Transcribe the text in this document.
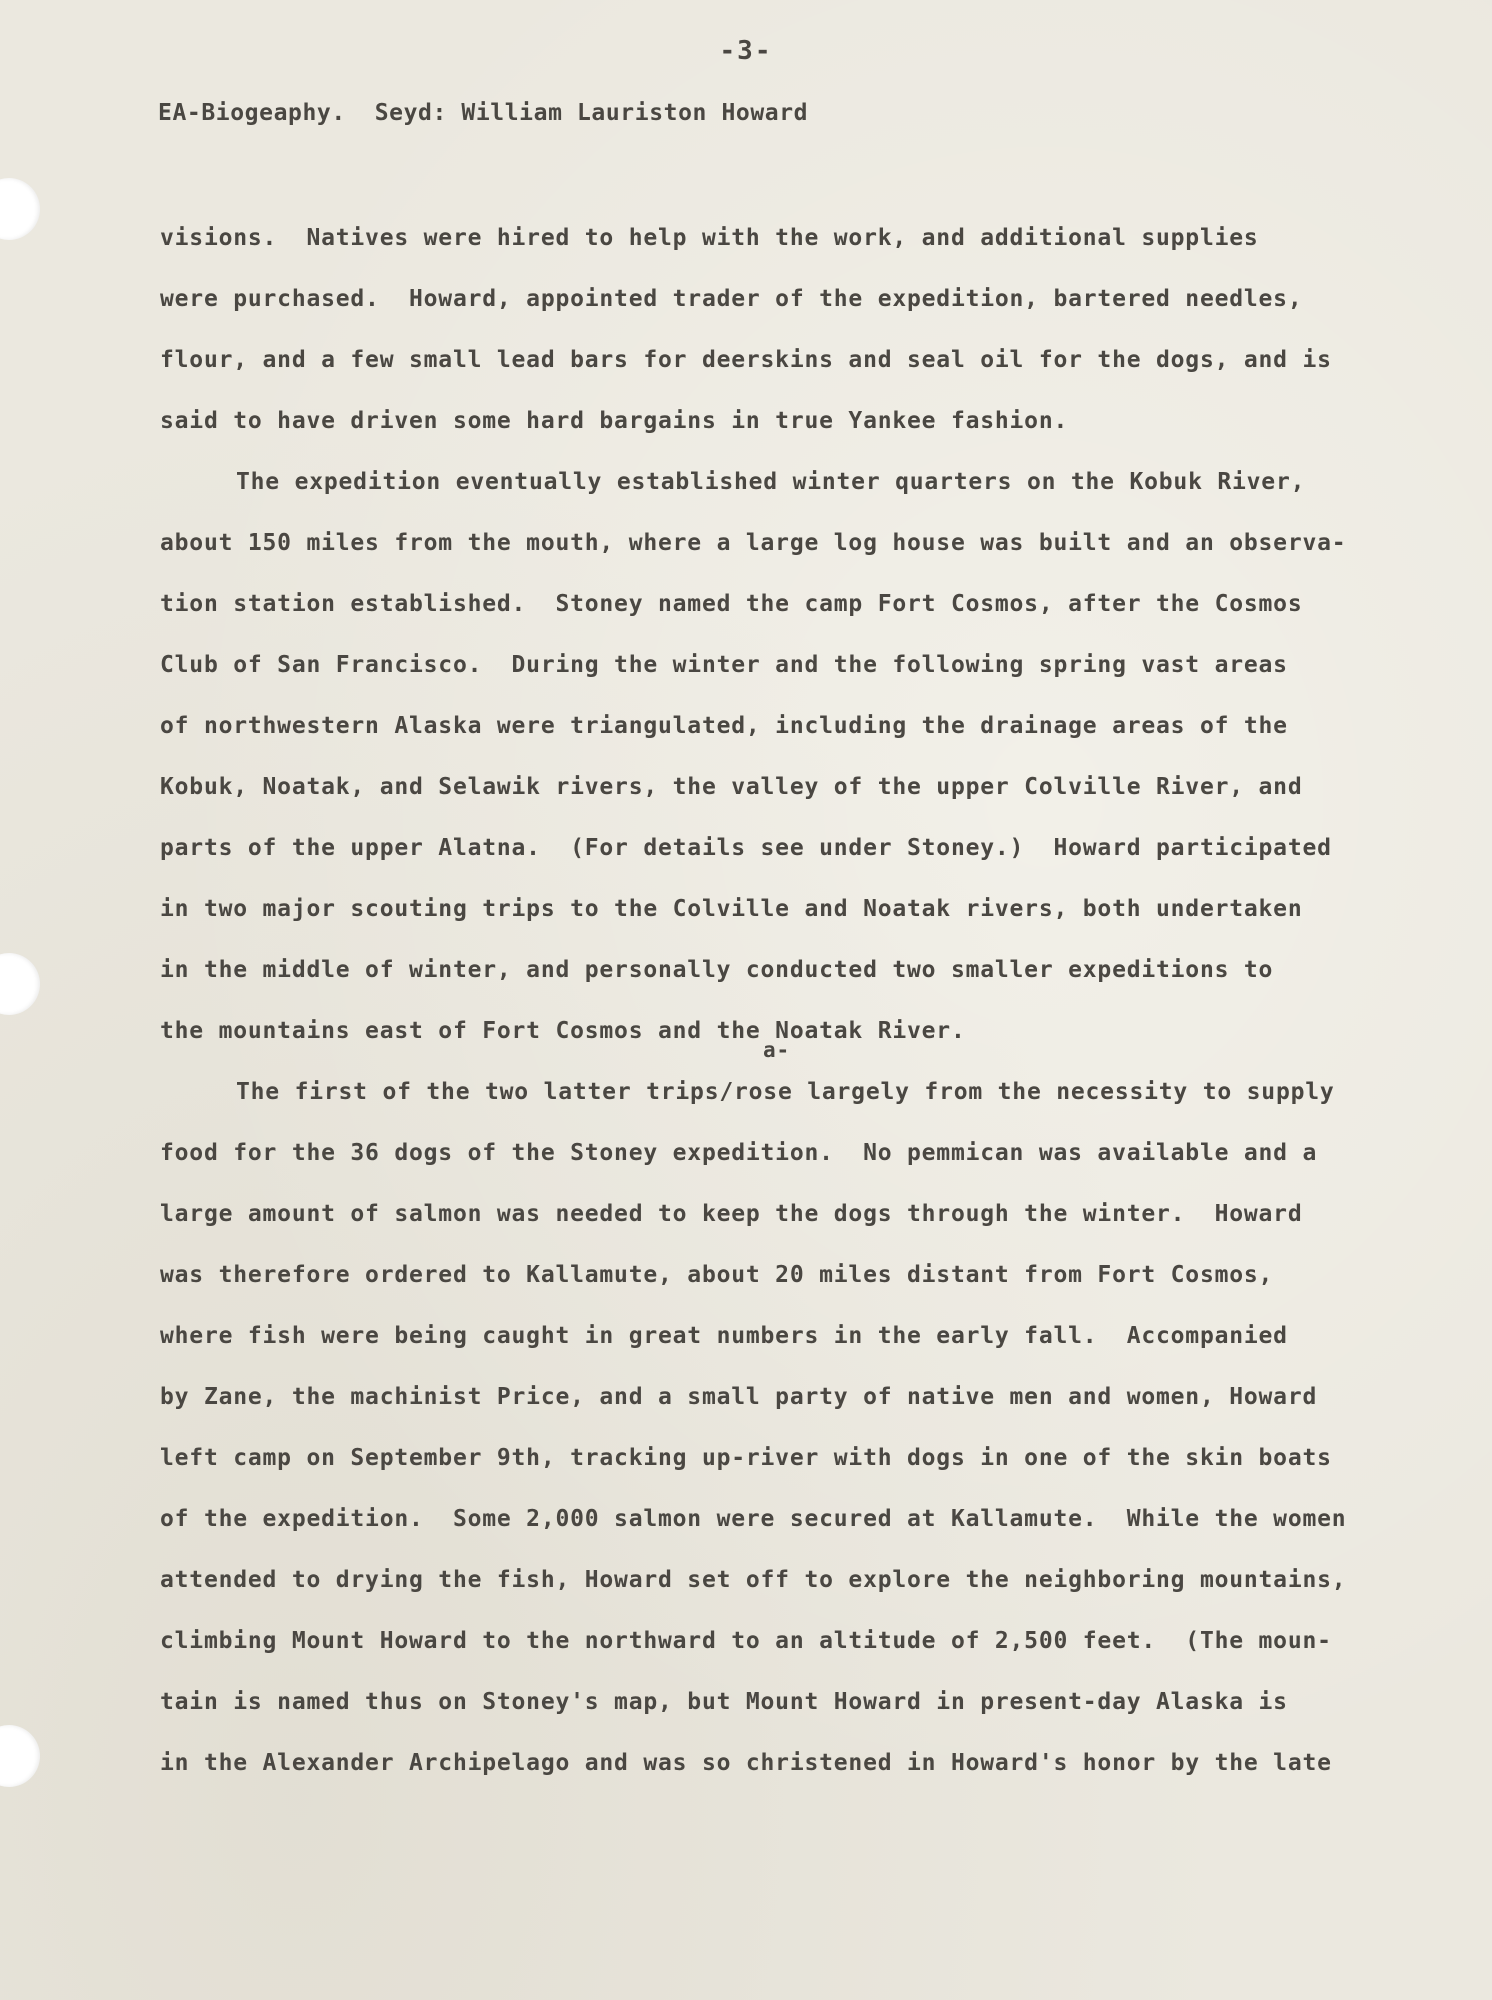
-3-
EA-Biogeaphy.  Seyd: William Lauriston Howard
visions.  Natives were hired to help with the work, and additional supplies
were purchased.  Howard, appointed trader of the expedition, bartered needles,
flour, and a few small lead bars for deerskins and seal oil for the dogs, and is
said to have driven some hard bargains in true Yankee fashion.
The expedition eventually established winter quarters on the Kobuk River,
about 150 miles from the mouth, where a large log house was built and an observa-
tion station established.  Stoney named the camp Fort Cosmos, after the Cosmos
Club of San Francisco.  During the winter and the following spring vast areas
of northwestern Alaska were triangulated, including the drainage areas of the
Kobuk, Noatak, and Selawik rivers, the valley of the upper Colville River, and
parts of the upper Alatna.  (For details see under Stoney.)  Howard participated
in two major scouting trips to the Colville and Noatak rivers, both undertaken
in the middle of winter, and personally conducted two smaller expeditions to
the mountains east of Fort Cosmos and the Noatak River.
The first of the two latter trips/rose largely from the necessity to supply
a-
food for the 36 dogs of the Stoney expedition.  No pemmican was available and a
large amount of salmon was needed to keep the dogs through the winter.  Howard
was therefore ordered to Kallamute, about 20 miles distant from Fort Cosmos,
where fish were being caught in great numbers in the early fall.  Accompanied
by Zane, the machinist Price, and a small party of native men and women, Howard
left camp on September 9th, tracking up-river with dogs in one of the skin boats
of the expedition.  Some 2,000 salmon were secured at Kallamute.  While the women
attended to drying the fish, Howard set off to explore the neighboring mountains,
climbing Mount Howard to the northward to an altitude of 2,500 feet.  (The moun-
tain is named thus on Stoney's map, but Mount Howard in present-day Alaska is
in the Alexander Archipelago and was so christened in Howard's honor by the late
